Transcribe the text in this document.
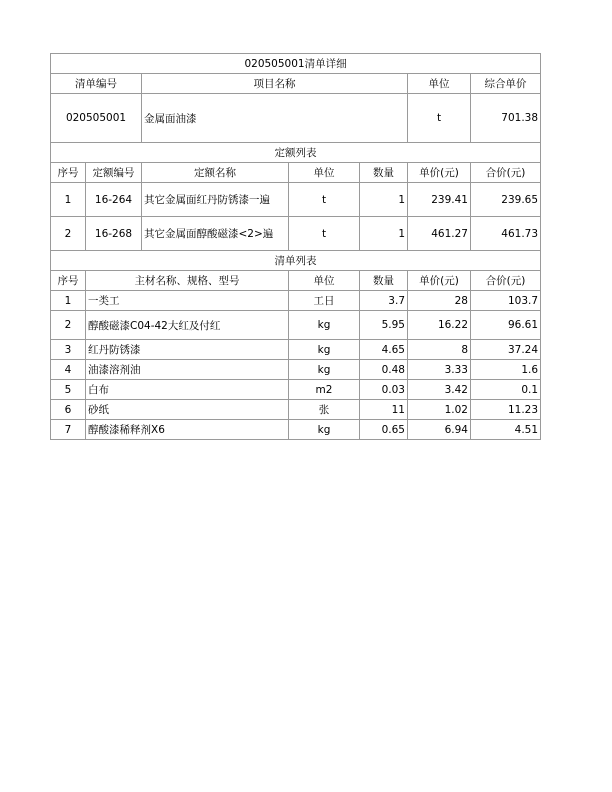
020505001清单详细						
清单编号		项目名称			单位	综合单价
020505001		金属面油漆			t	701.38
定额列表						
序号	定额编号	定额名称	单位	数量	单价(元)	合价(元)
1	16-264	其它金属面红丹防锈漆一遍	t	1	239.41	239.65
2	16-268	其它金属面醇酸磁漆<2>遍	t	1	461.27	461.73
清单列表						
序号	主材名称、规格、型号		单位	数量	单价(元)	合价(元)
1	一类工		工日	3.7	28	103.7
2	醇酸磁漆C04-42大红及付红		kg	5.95	16.22	96.61
3	红丹防锈漆		kg	4.65	8	37.24
4	油漆溶剂油		kg	0.48	3.33	1.6
5	白布		m2	0.03	3.42	0.1
6	砂纸		张	11	1.02	11.23
7	醇酸漆稀释剂X6		kg	0.65	6.94	4.51
